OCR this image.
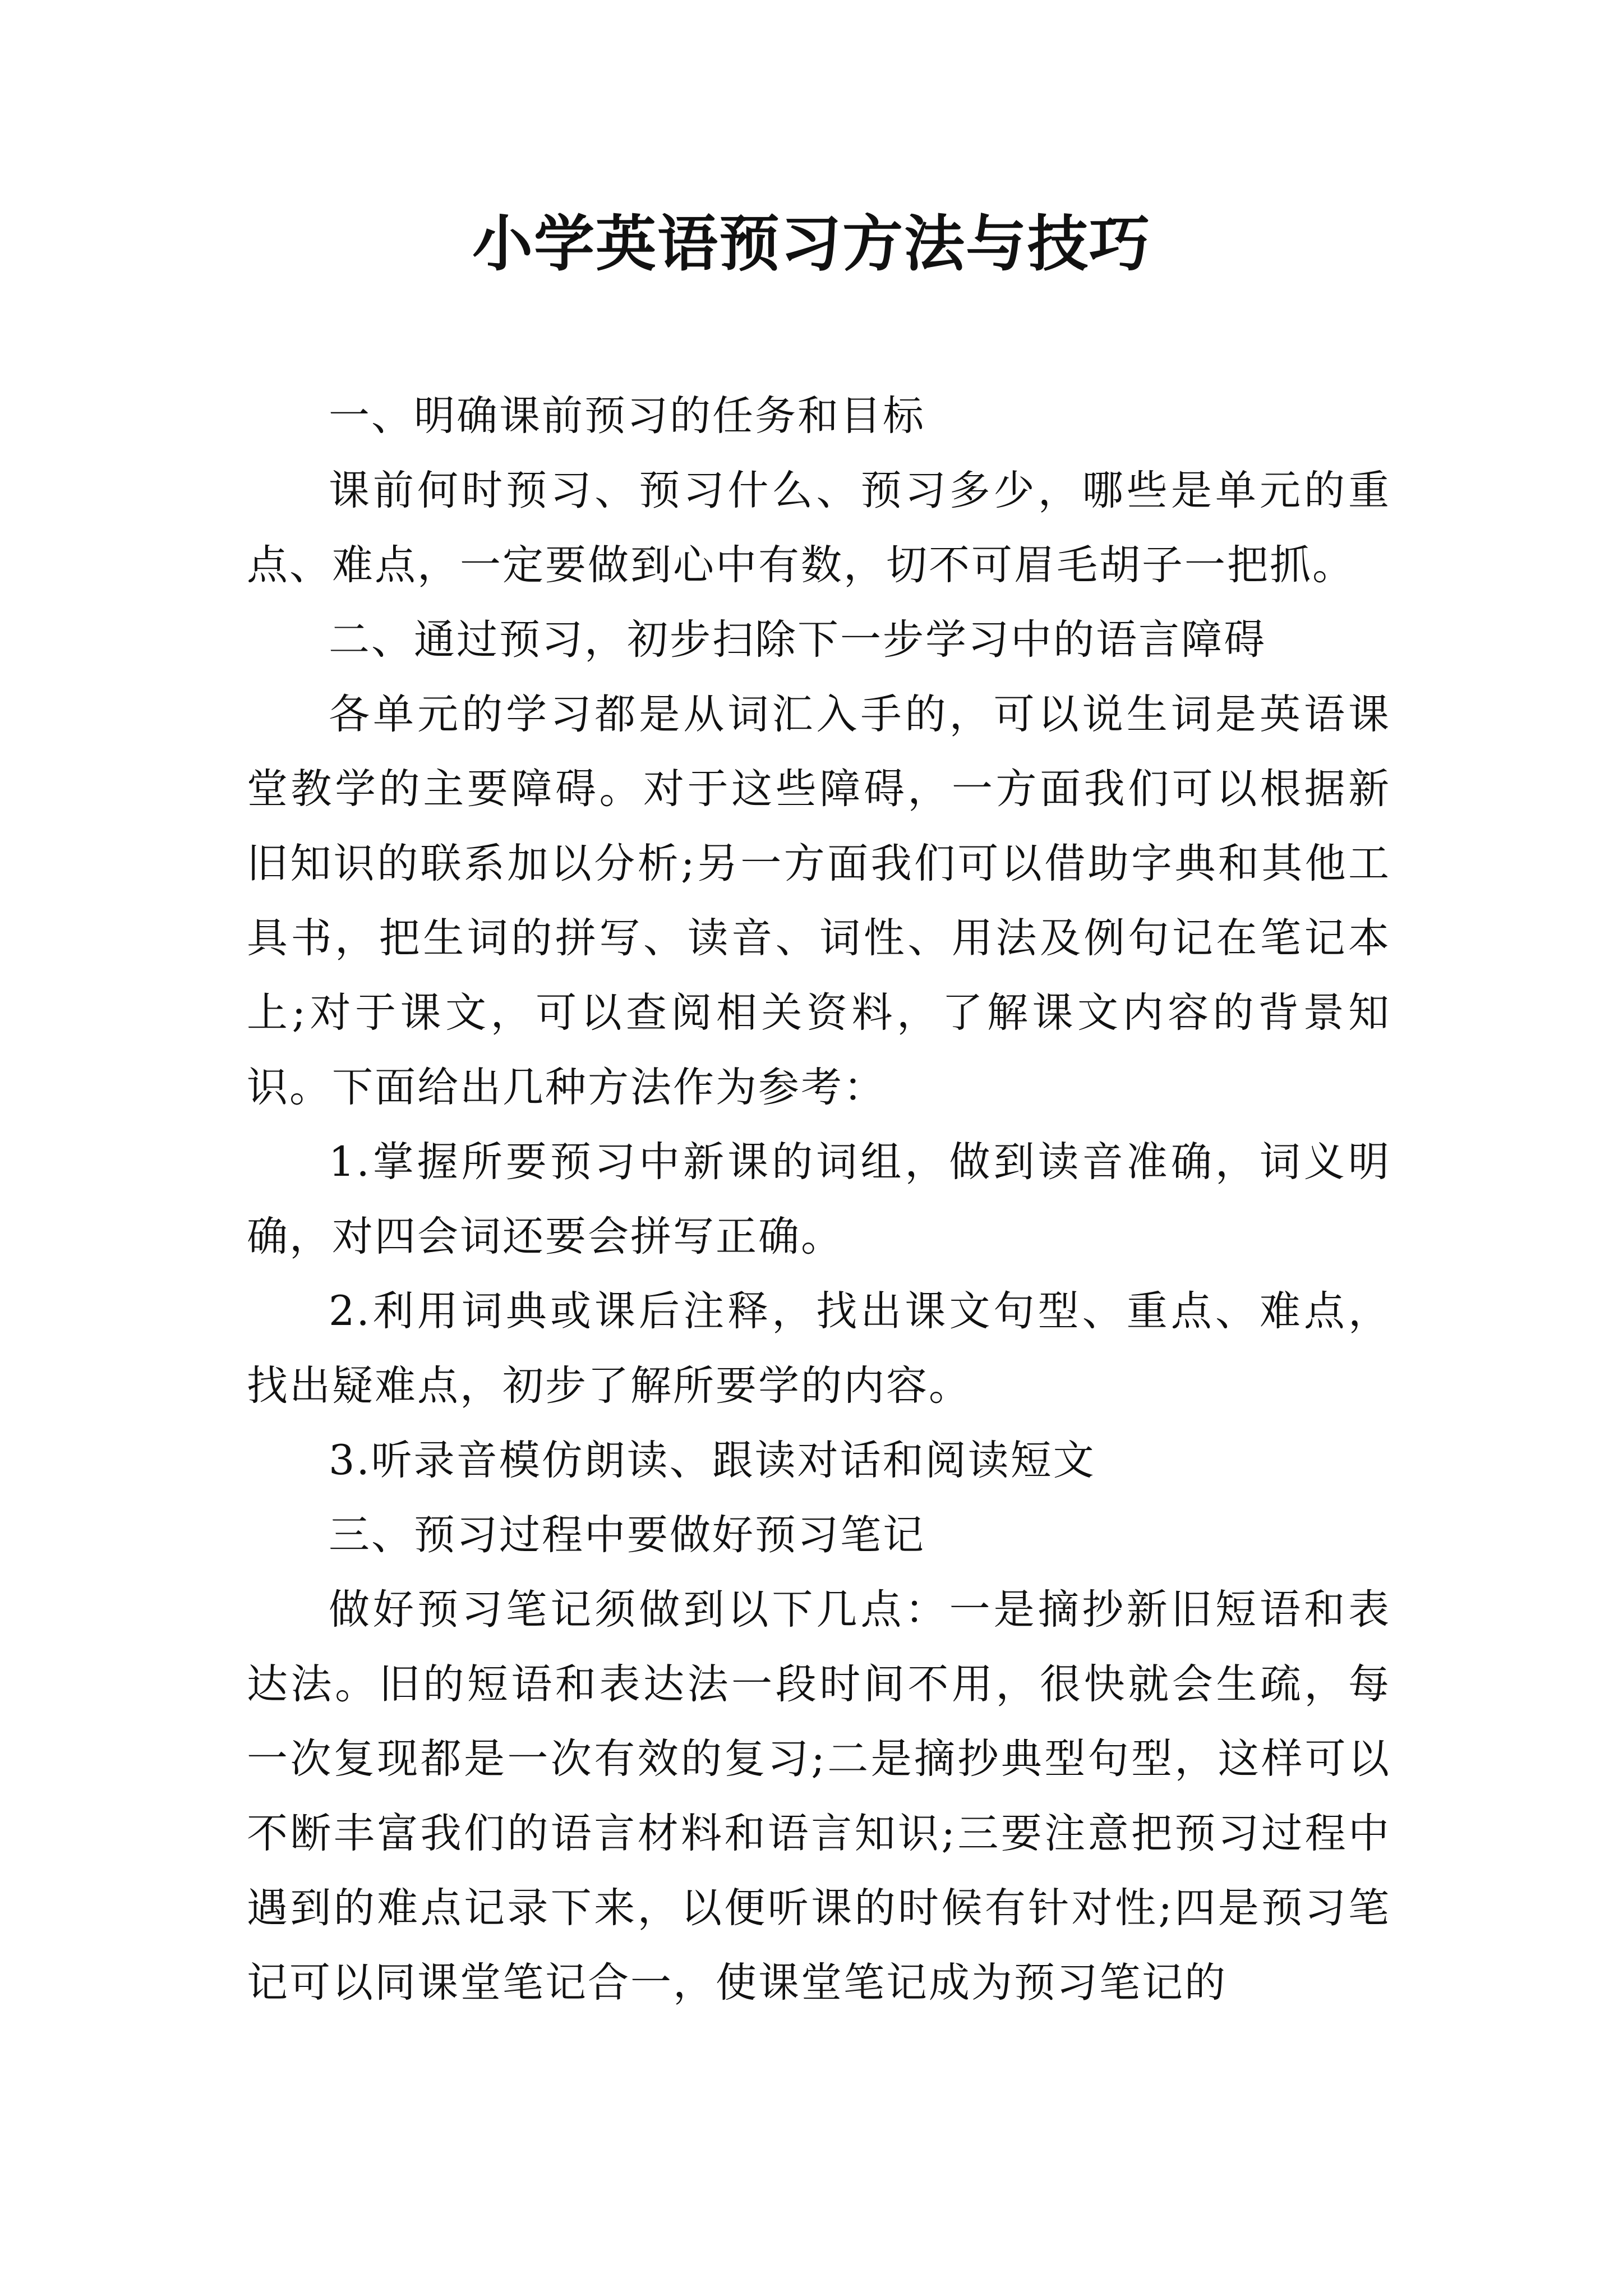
小学英语预习方法与技巧

一、明确课前预习的任务和目标

课前何时预习、预习什么、预习多少，哪些是单元的重点、难点，一定要做到心中有数，切不可眉毛胡子一把抓。

二、通过预习，初步扫除下一步学习中的语言障碍

各单元的学习都是从词汇入手的，可以说生词是英语课堂教学的主要障碍。对于这些障碍，一方面我们可以根据新旧知识的联系加以分析;另一方面我们可以借助字典和其他工具书，把生词的拼写、读音、词性、用法及例句记在笔记本上;对于课文，可以查阅相关资料，了解课文内容的背景知识。下面给出几种方法作为参考：

1.掌握所要预习中新课的词组，做到读音准确，词义明确，对四会词还要会拼写正确。

2.利用词典或课后注释，找出课文句型、重点、难点，找出疑难点，初步了解所要学的内容。

3.听录音模仿朗读、跟读对话和阅读短文

三、预习过程中要做好预习笔记

做好预习笔记须做到以下几点：一是摘抄新旧短语和表达法。旧的短语和表达法一段时间不用，很快就会生疏，每一次复现都是一次有效的复习;二是摘抄典型句型，这样可以不断丰富我们的语言材料和语言知识;三要注意把预习过程中遇到的难点记录下来，以便听课的时候有针对性;四是预习笔记可以同课堂笔记合一，使课堂笔记成为预习笔记的
